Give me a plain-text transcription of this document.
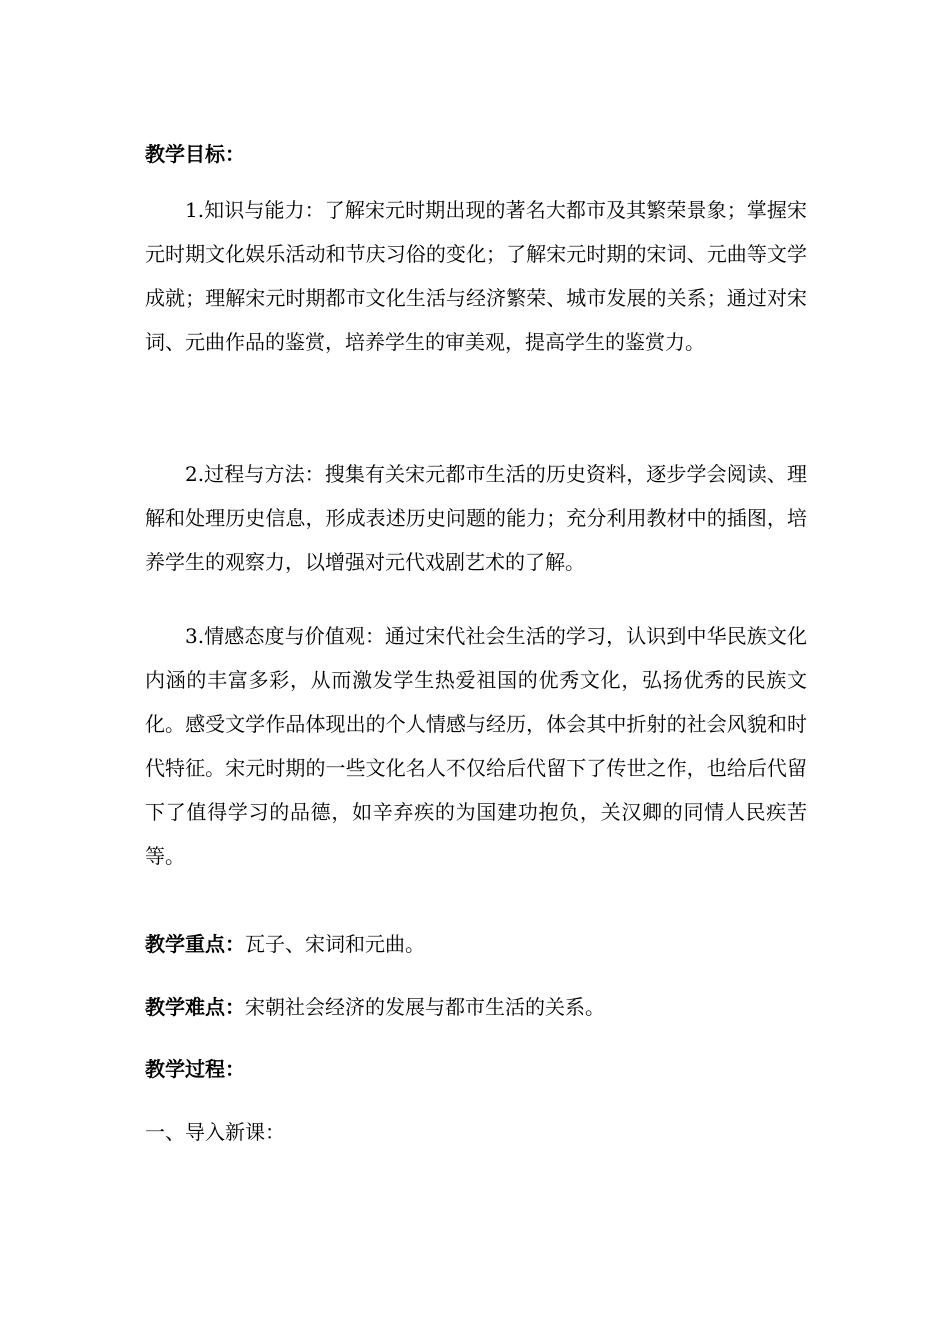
教学目标：

1.知识与能力：了解宋元时期出现的著名大都市及其繁荣景象；掌握宋元时期文化娱乐活动和节庆习俗的变化；了解宋元时期的宋词、元曲等文学成就；理解宋元时期都市文化生活与经济繁荣、城市发展的关系；通过对宋词、元曲作品的鉴赏，培养学生的审美观，提高学生的鉴赏力。

2.过程与方法：搜集有关宋元都市生活的历史资料，逐步学会阅读、理解和处理历史信息，形成表述历史问题的能力；充分利用教材中的插图，培养学生的观察力，以增强对元代戏剧艺术的了解。

3.情感态度与价值观：通过宋代社会生活的学习，认识到中华民族文化内涵的丰富多彩，从而激发学生热爱祖国的优秀文化，弘扬优秀的民族文化。感受文学作品体现出的个人情感与经历，体会其中折射的社会风貌和时代特征。宋元时期的一些文化名人不仅给后代留下了传世之作，也给后代留下了值得学习的品德，如辛弃疾的为国建功抱负，关汉卿的同情人民疾苦等。

教学重点：瓦子、宋词和元曲。

教学难点：宋朝社会经济的发展与都市生活的关系。

教学过程：

一、导入新课：
